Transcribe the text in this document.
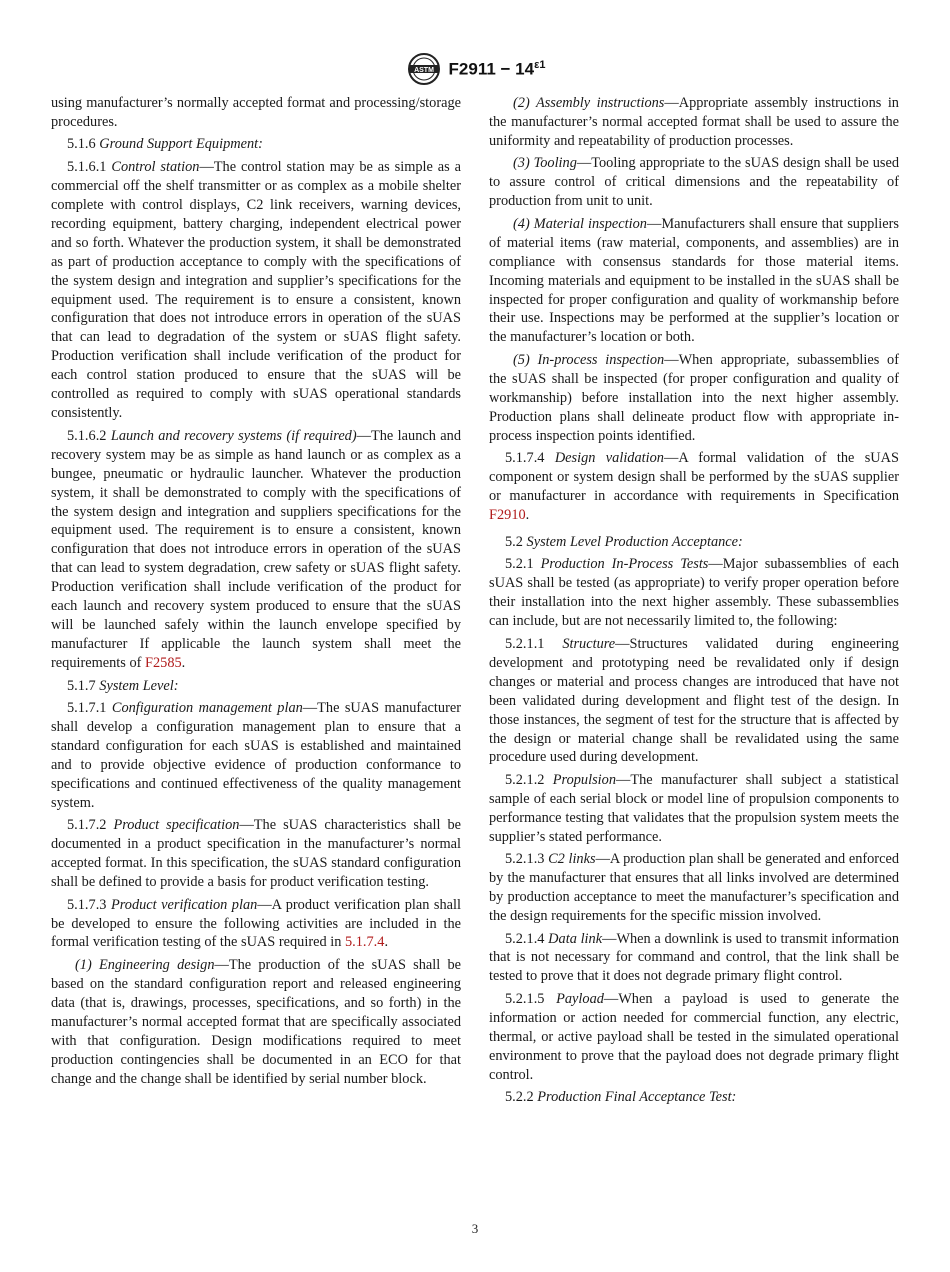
ASTM $F2911 - 14^{\varepsilon 1}$

using manufacturer’s normally accepted format and processing/storage procedures.

5.1.6 Ground Support Equipment:

5.1.6.1 Control station—The control station may be as simple as a commercial off the shelf transmitter or as complex as a mobile shelter complete with control displays, C2 link receivers, warning devices, recording equipment, battery charging, independent electrical power and so forth. Whatever the production system, it shall be demonstrated as part of production acceptance to comply with the specifications of the system design and integration and supplier’s specifications for the equipment used. The requirement is to ensure a consistent, known configuration that does not introduce errors in operation of the sUAS that can lead to degradation of the system or sUAS flight safety. Production verification shall include verification of the product for each control station produced to ensure that the sUAS will be controlled as required to comply with sUAS operational standards consistently.

5.1.6.2 Launch and recovery systems (if required)—The launch and recovery system may be as simple as hand launch or as complex as a bungee, pneumatic or hydraulic launcher. Whatever the production system, it shall be demonstrated to comply with the specifications of the system design and integration and suppliers specifications for the equipment used. The requirement is to ensure a consistent, known configuration that does not introduce errors in operation of the sUAS that can lead to system degradation, crew safety or sUAS flight safety. Production verification shall include verification of the product for each launch and recovery system produced to ensure that the sUAS will be launched safely within the launch envelope specified by manufacturer If applicable the launch system shall meet the requirements of F2585.

5.1.7 System Level:

5.1.7.1 Configuration management plan—The sUAS manufacturer shall develop a configuration management plan to ensure that a standard configuration for each sUAS is established and maintained and to provide objective evidence of production conformance to specifications and continued effectiveness of the quality management system.

5.1.7.2 Product specification—The sUAS characteristics shall be documented in a product specification in the manufacturer’s normal accepted format. In this specification, the sUAS standard configuration shall be defined to provide a basis for product verification testing.

5.1.7.3 Product verification plan—A product verification plan shall be developed to ensure the following activities are included in the formal verification testing of the sUAS required in 5.1.7.4.

(1) Engineering design—The production of the sUAS shall be based on the standard configuration report and released engineering data (that is, drawings, processes, specifications, and so forth) in the manufacturer’s normal accepted format that are specifically associated with that configuration. Design modifications required to meet production contingencies shall be documented in an ECO for that change and the change shall be identified by serial number block.

(2) Assembly instructions—Appropriate assembly instructions in the manufacturer’s normal accepted format shall be used to assure the uniformity and repeatability of production processes.

(3) Tooling—Tooling appropriate to the sUAS design shall be used to assure control of critical dimensions and the repeatability of production from unit to unit.

(4) Material inspection—Manufacturers shall ensure that suppliers of material items (raw material, components, and assemblies) are in compliance with consensus standards for those material items. Incoming materials and equipment to be installed in the sUAS shall be inspected for proper configuration and quality of workmanship before their use. Inspections may be performed at the supplier’s location or the manufacturer’s location or both.

(5) In-process inspection—When appropriate, subassemblies of the sUAS shall be inspected (for proper configuration and quality of workmanship) before installation into the next higher assembly. Production plans shall delineate product flow with appropriate in-process inspection points identified.

5.1.7.4 Design validation—A formal validation of the sUAS component or system design shall be performed by the sUAS supplier or manufacturer in accordance with requirements in Specification F2910.

5.2 System Level Production Acceptance:

5.2.1 Production In-Process Tests—Major subassemblies of each sUAS shall be tested (as appropriate) to verify proper operation before their installation into the next higher assembly. These subassemblies can include, but are not necessarily limited to, the following:

5.2.1.1 Structure—Structures validated during engineering development and prototyping need be revalidated only if design changes or material and process changes are introduced that have not been validated during development and flight test of the design. In those instances, the segment of test for the structure that is affected by the design or material change shall be revalidated using the same procedure used during development.

5.2.1.2 Propulsion—The manufacturer shall subject a statistical sample of each serial block or model line of propulsion components to performance testing that validates that the propulsion system meets the supplier’s stated performance.

5.2.1.3 C2 links—A production plan shall be generated and enforced by the manufacturer that ensures that all links involved are determined by production acceptance to meet the manufacturer’s specification and the design requirements for the specific mission involved.

5.2.1.4 Data link—When a downlink is used to transmit information that is not necessary for command and control, that the link shall be tested to prove that it does not degrade primary flight control.

5.2.1.5 Payload—When a payload is used to generate the information or action needed for commercial function, any electric, thermal, or active payload shall be tested in the simulated operational environment to prove that the payload does not degrade primary flight control.

5.2.2 Production Final Acceptance Test:

3
